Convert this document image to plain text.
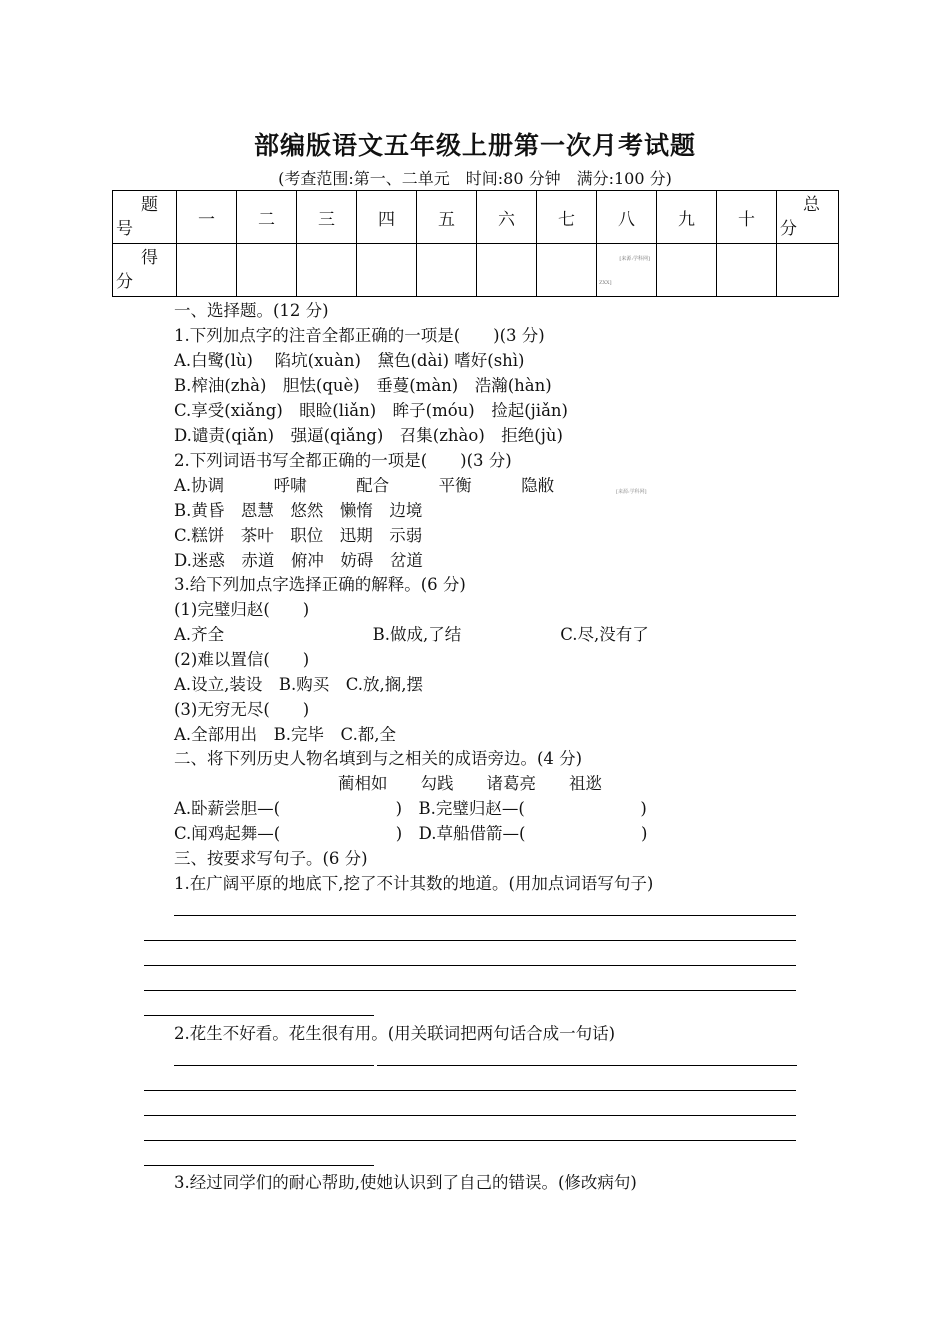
部编版语文五年级上册第一次月考试题
(考查范围:第一、二单元　时间:80 分钟　满分:100 分)
题
号	一	二	三	四	五	六	七	八	九	十	总
分	

得
分								[来源:学科网]
ZXX]				

一、选择题。(12 分)
1.下列加点字的注音全都正确的一项是(　　)(3 分)
A.白鹭(lù)　 陷坑(xuàn)　黛色(dài) 嗜好(shì)
B.榨油(zhà)　胆怯(què)　垂蔓(màn)　浩瀚(hàn)
C.享受(xiǎng)　眼睑(liǎn)　眸子(móu)　捡起(jiǎn)
D.谴责(qiǎn)　强逼(qiǎng)　召集(zhào)　拒绝(jù)
2.下列词语书写全都正确的一项是(　　)(3 分)
A.协调　　　呼啸　　　配合　　　平衡　　　隐敝	[来源:学科网]
B.黄昏　恩慧　悠然　懒惰　边境
C.糕饼　茶叶　职位　迅期　示弱
D.迷惑　赤道　俯冲　妨碍　岔道
3.给下列加点字选择正确的解释。(6 分)
(1)完璧归赵(　　)
A.齐全　　　　　　　　　B.做成,了结　　　　　　C.尽,没有了
(2)难以置信(　　)
A.设立,装设　B.购买　C.放,搁,摆
(3)无穷无尽(　　)
A.全部用出　B.完毕　C.都,全
二、将下列历史人物名填到与之相关的成语旁边。(4 分)
蔺相如　　勾践　　诸葛亮　　祖逖
A.卧薪尝胆—(　　　　　　　)　B.完璧归赵—(　　　　　　　)
C.闻鸡起舞—(　　　　　　　)　D.草船借箭—(　　　　　　　)
三、按要求写句子。(6 分)
1.在广阔平原的地底下,挖了不计其数的地道。(用加点词语写句子)
2.花生不好看。花生很有用。(用关联词把两句话合成一句话)
3.经过同学们的耐心帮助,使她认识到了自己的错误。(修改病句)
